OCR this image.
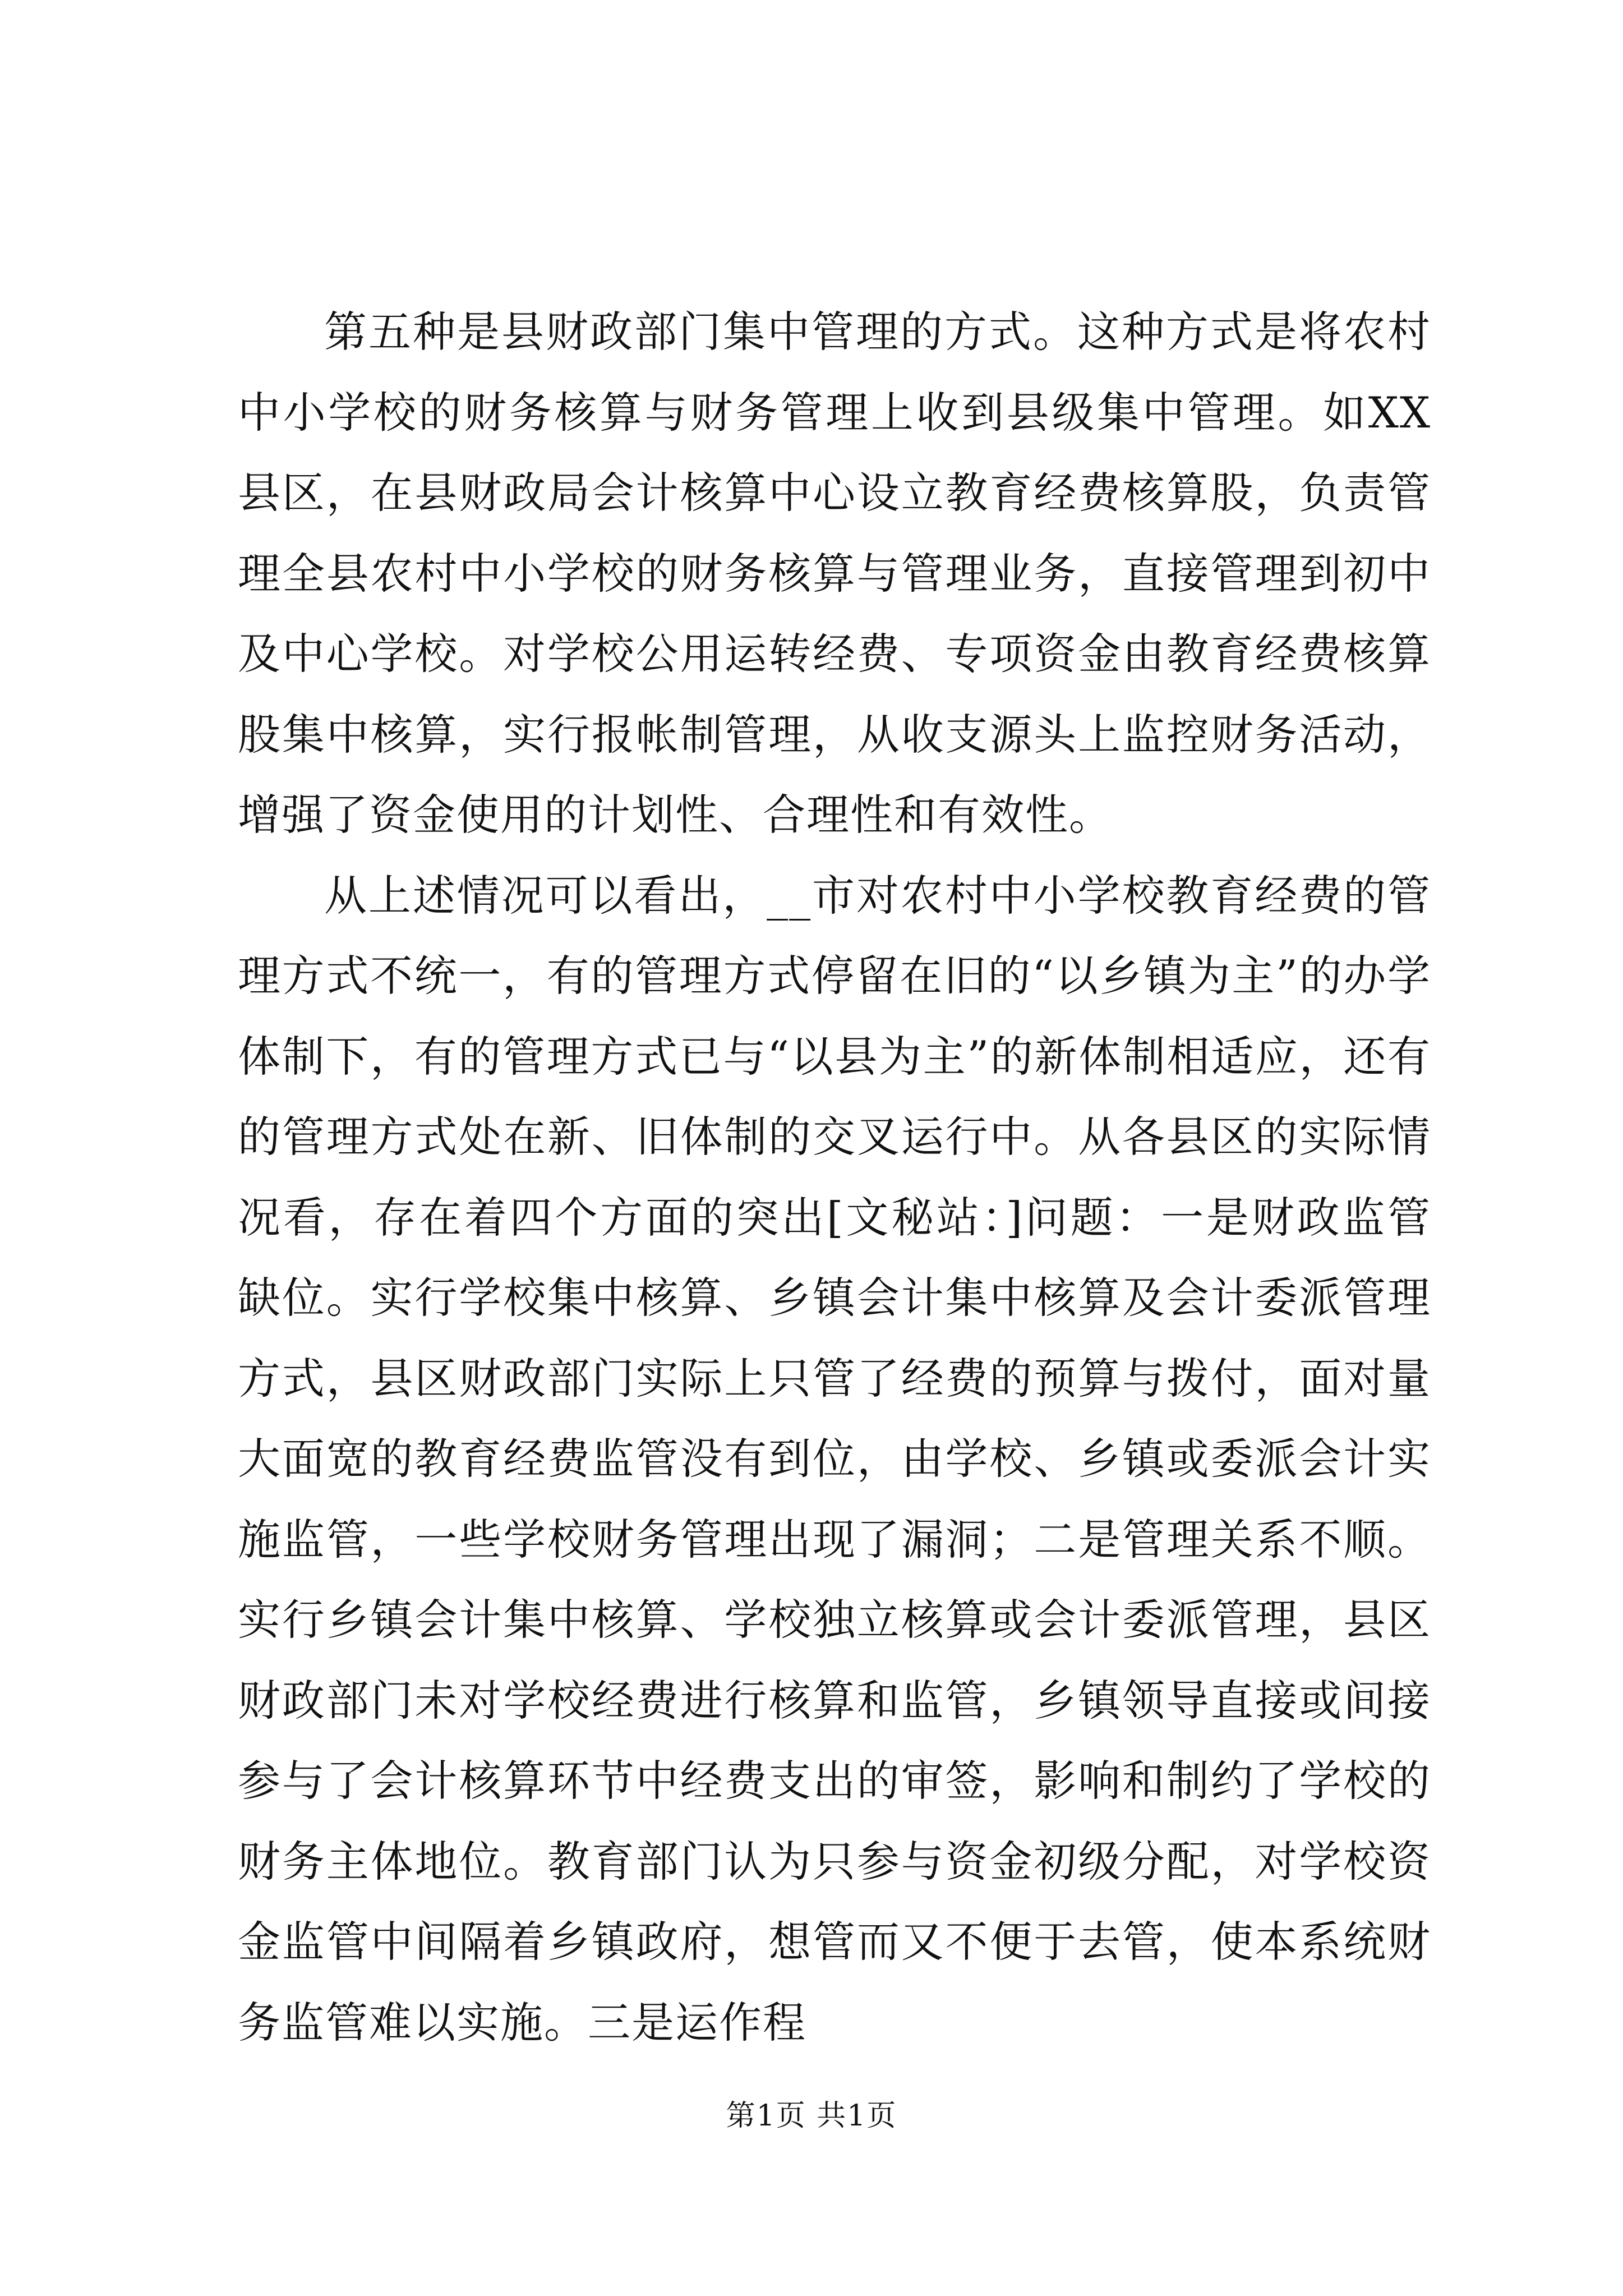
第五种是县财政部门集中管理的方式。这种方式是将农村中小学校的财务核算与财务管理上收到县级集中管理。如XX县区，在县财政局会计核算中心设立教育经费核算股，负责管理全县农村中小学校的财务核算与管理业务，直接管理到初中及中心学校。对学校公用运转经费、专项资金由教育经费核算股集中核算，实行报帐制管理，从收支源头上监控财务活动，增强了资金使用的计划性、合理性和有效性。

从上述情况可以看出，__市对农村中小学校教育经费的管理方式不统一，有的管理方式停留在旧的“以乡镇为主”的办学体制下，有的管理方式已与“以县为主”的新体制相适应，还有的管理方式处在新、旧体制的交叉运行中。从各县区的实际情况看，存在着四个方面的突出[文秘站：]问题：一是财政监管缺位。实行学校集中核算、乡镇会计集中核算及会计委派管理方式，县区财政部门实际上只管了经费的预算与拨付，面对量大面宽的教育经费监管没有到位，由学校、乡镇或委派会计实施监管，一些学校财务管理出现了漏洞；二是管理关系不顺。实行乡镇会计集中核算、学校独立核算或会计委派管理，县区财政部门未对学校经费进行核算和监管，乡镇领导直接或间接参与了会计核算环节中经费支出的审签，影响和制约了学校的财务主体地位。教育部门认为只参与资金初级分配，对学校资金监管中间隔着乡镇政府，想管而又不便于去管，使本系统财务监管难以实施。三是运作程

第1页 共1页
